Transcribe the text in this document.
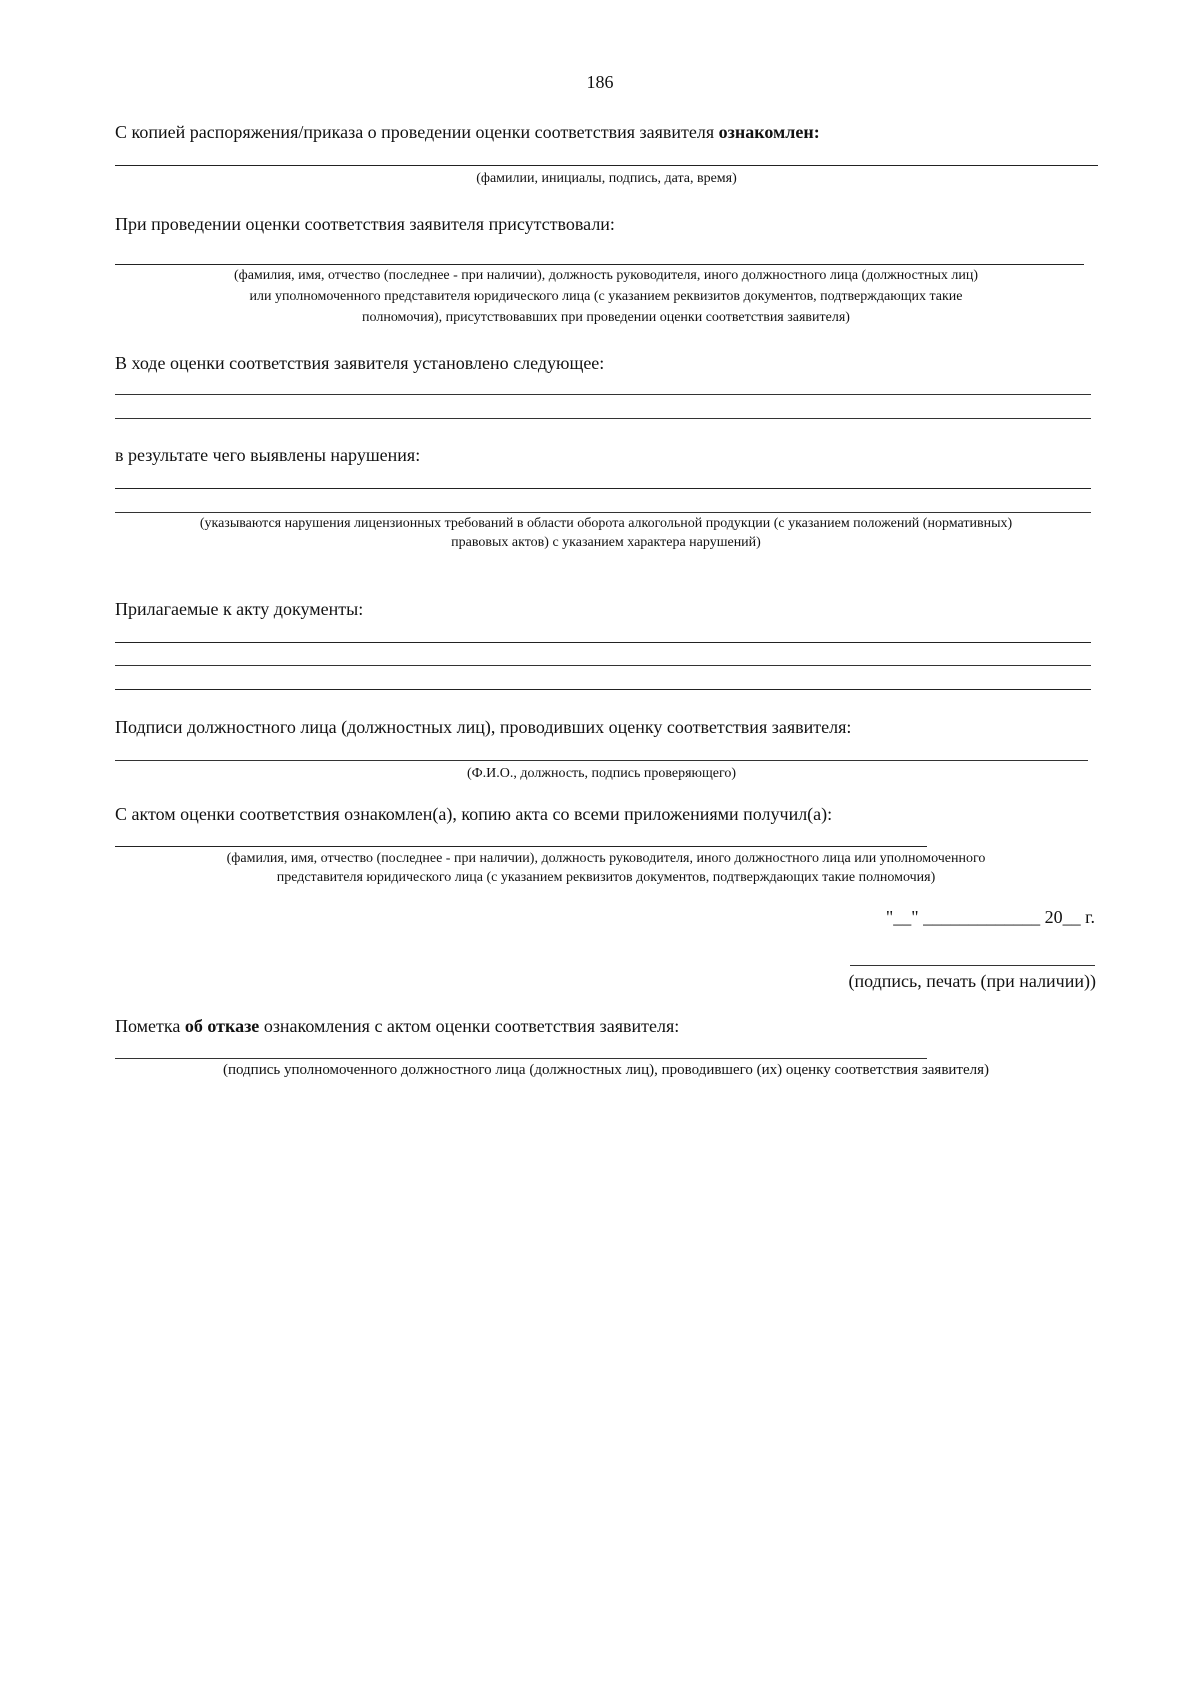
186
С копией распоряжения/приказа о проведении оценки соответствия заявителя ознакомлен:
(фамилии, инициалы, подпись, дата, время)
При проведении оценки соответствия заявителя присутствовали:
(фамилия, имя, отчество (последнее - при наличии), должность руководителя, иного должностного лица (должностных лиц)
или уполномоченного представителя юридического лица (с указанием реквизитов документов, подтверждающих такие
полномочия), присутствовавших при проведении оценки соответствия заявителя)
В ходе оценки соответствия заявителя установлено следующее:
в результате чего выявлены нарушения:
(указываются нарушения лицензионных требований в области оборота алкогольной продукции (с указанием положений (нормативных)
правовых актов) с указанием характера нарушений)
Прилагаемые к акту документы:
Подписи должностного лица (должностных лиц), проводивших оценку соответствия заявителя:
(Ф.И.О., должность, подпись проверяющего)
С актом оценки соответствия ознакомлен(а), копию акта со всеми приложениями получил(а):
(фамилия, имя, отчество (последнее - при наличии), должность руководителя, иного должностного лица или уполномоченного
представителя юридического лица (с указанием реквизитов документов, подтверждающих такие полномочия)
"__" _____________ 20__ г.
(подпись, печать (при наличии))
Пометка об отказе ознакомления с актом оценки соответствия заявителя:
(подпись уполномоченного должностного лица (должностных лиц), проводившего (их) оценку соответствия заявителя)
